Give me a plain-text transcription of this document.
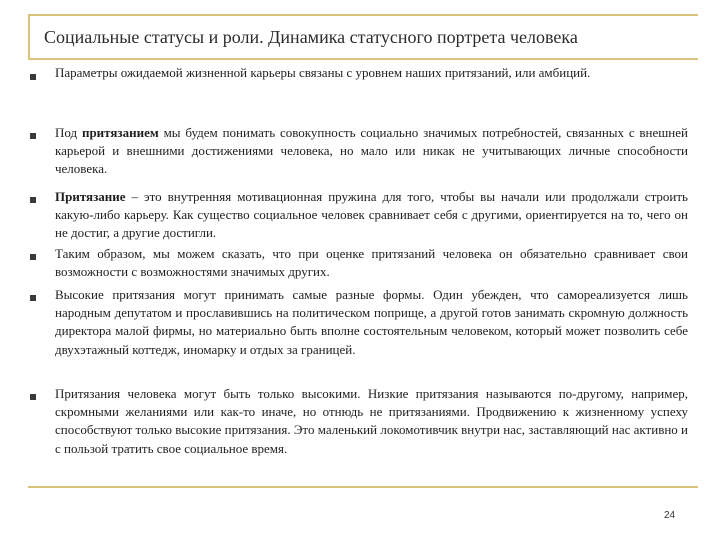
Социальные статусы и роли. Динамика статусного портрета человека
Параметры ожидаемой жизненной карьеры связаны с уровнем наших притязаний, или амбиций.
Под притязанием мы будем понимать совокупность социально значимых потребностей, связанных с внешней карьерой и внешними достижениями человека, но мало или никак не учитывающих личные способности человека.
Притязание – это внутренняя мотивационная пружина для того, чтобы вы начали или продолжали строить какую-либо карьеру. Как существо социальное человек сравнивает себя с другими, ориентируется на то, чего он не достиг, а другие достигли.
Таким образом, мы можем сказать, что при оценке притязаний человека он обязательно сравнивает свои возможности с возможностями значимых других.
Высокие притязания могут принимать самые разные формы. Один убежден, что самореализуется лишь народным депутатом и прославившись на политическом поприще, а другой готов занимать скромную должность директора малой фирмы, но материально быть вполне состоятельным человеком, который может позволить себе двухэтажный коттедж, иномарку и отдых за границей.
Притязания человека могут быть только высокими. Низкие притязания называются по-другому, например, скромными желаниями или как-то иначе, но отнюдь не притязаниями. Продвижению к жизненному успеху способствуют только высокие притязания. Это маленький локомотивчик внутри нас, заставляющий нас активно и с пользой тратить свое социальное время.
24
